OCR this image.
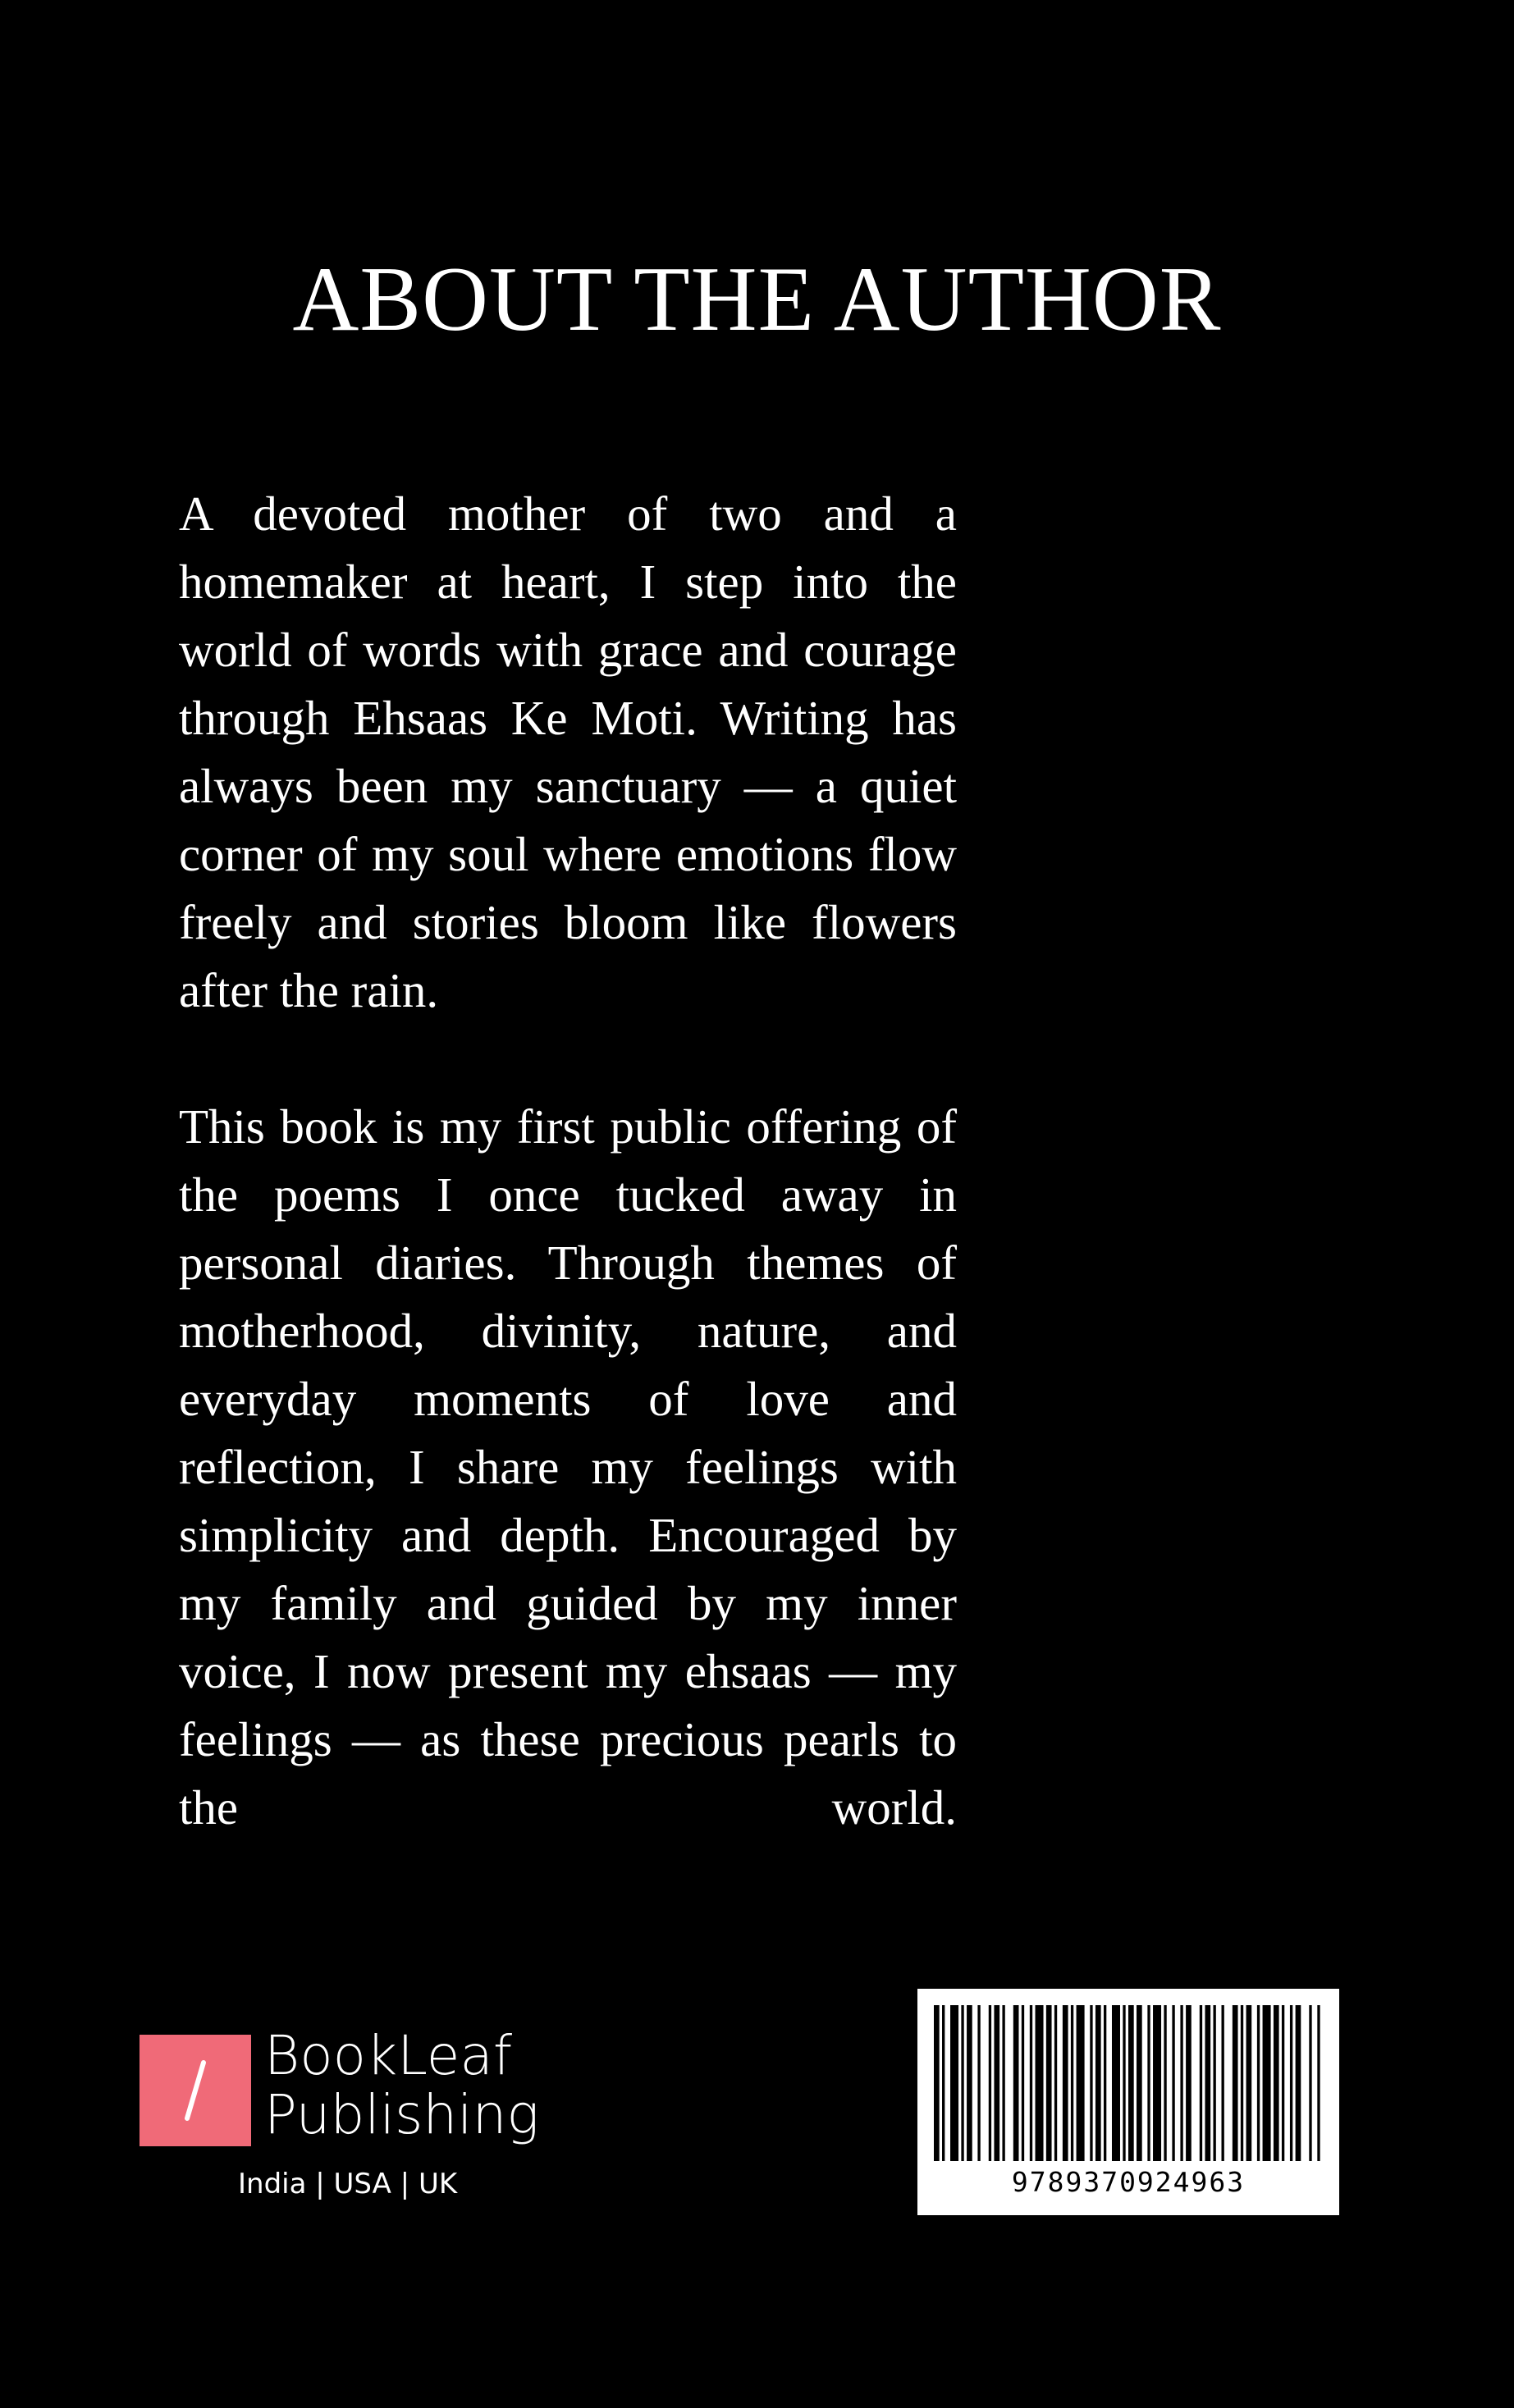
ABOUT THE AUTHOR

A devoted mother of two and a homemaker at heart, I step into the world of words with grace and courage through Ehsaas Ke Moti. Writing has always been my sanctuary — a quiet corner of my soul where emotions flow freely and stories bloom like flowers after the rain.

This book is my first public offering of the poems I once tucked away in personal diaries. Through themes of motherhood, divinity, nature, and everyday moments of love and reflection, I share my feelings with simplicity and depth. Encouraged by my family and guided by my inner voice, I now present my ehsaas — my feelings — as these precious pearls to the world.

BookLeaf
Publishing
India | USA | UK	9789370924963
